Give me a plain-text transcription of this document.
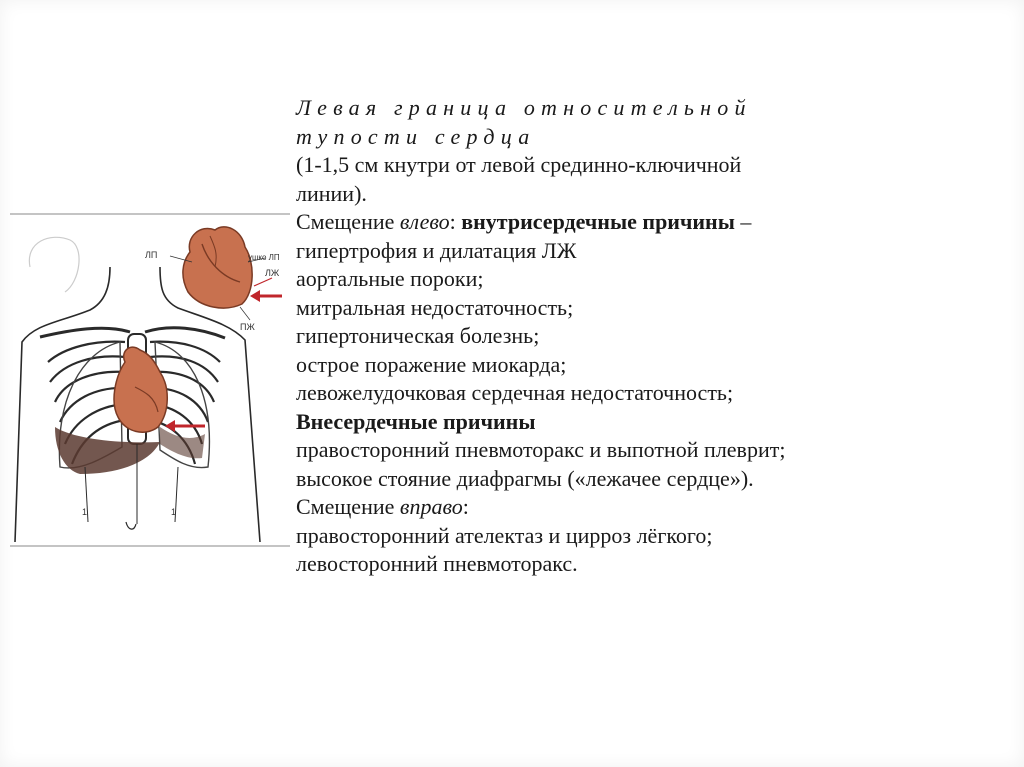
1	1
ЛП	ушко ЛП
ЛЖ
ПЖ
Левая граница относительной
тупости сердца
(1-1,5 см кнутри от левой срединно-ключичной
линии).
Смещение влево: внутрисердечные причины –
гипертрофия и дилатация ЛЖ
аортальные пороки;
митральная недостаточность;
гипертоническая болезнь;
острое поражение миокарда;
левожелудочковая сердечная недостаточность;
Внесердечные причины
правосторонний пневмоторакс и выпотной плеврит;
высокое стояние диафрагмы («лежачее сердце»).
Смещение вправо:
правосторонний ателектаз и цирроз лёгкого;
левосторонний пневмоторакс.
